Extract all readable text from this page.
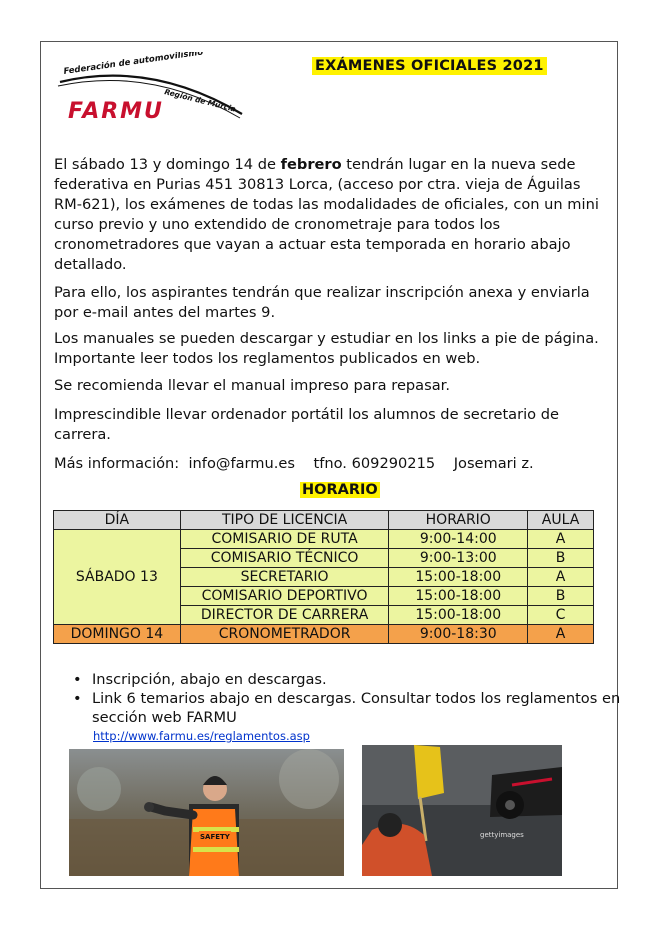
Federación de automovilismo
Región de Murcia
FARMU
EXÁMENES OFICIALES 2021

El sábado 13 y domingo 14 de febrero tendrán lugar en la nueva sede federativa en Purias 451 30813 Lorca, (acceso por ctra. vieja de Águilas RM-621), los exámenes de todas las modalidades de oficiales, con un mini curso previo y uno extendido de cronometraje para todos los cronometradores que vayan a actuar esta temporada en horario abajo detallado.

Para ello, los aspirantes tendrán que realizar inscripción anexa y enviarla por e-mail antes del martes 9.

Los manuales se pueden descargar y estudiar en los links a pie de página. Importante leer todos los reglamentos publicados en web.

Se recomienda llevar el manual impreso para repasar.

Imprescindible llevar ordenador portátil los alumnos de secretario de carrera.

Más información:  info@farmu.es    tfno. 609290215    Josemari z.

HORARIO
DÍA	TIPO DE LICENCIA	HORARIO	AULA
SÁBADO 13	COMISARIO DE RUTA	9:00-14:00	A
	COMISARIO TÉCNICO	9:00-13:00	B
	SECRETARIO	15:00-18:00	A
	COMISARIO DEPORTIVO	15:00-18:00	B
	DIRECTOR DE CARRERA	15:00-18:00	C
DOMINGO 14	CRONOMETRADOR	9:00-18:30	A
• Inscripción, abajo en descargas.
• Link 6 temarios abajo en descargas. Consultar todos los reglamentos en sección web FARMU
http://www.farmu.es/reglamentos.asp
SAFETY	gettyimages
